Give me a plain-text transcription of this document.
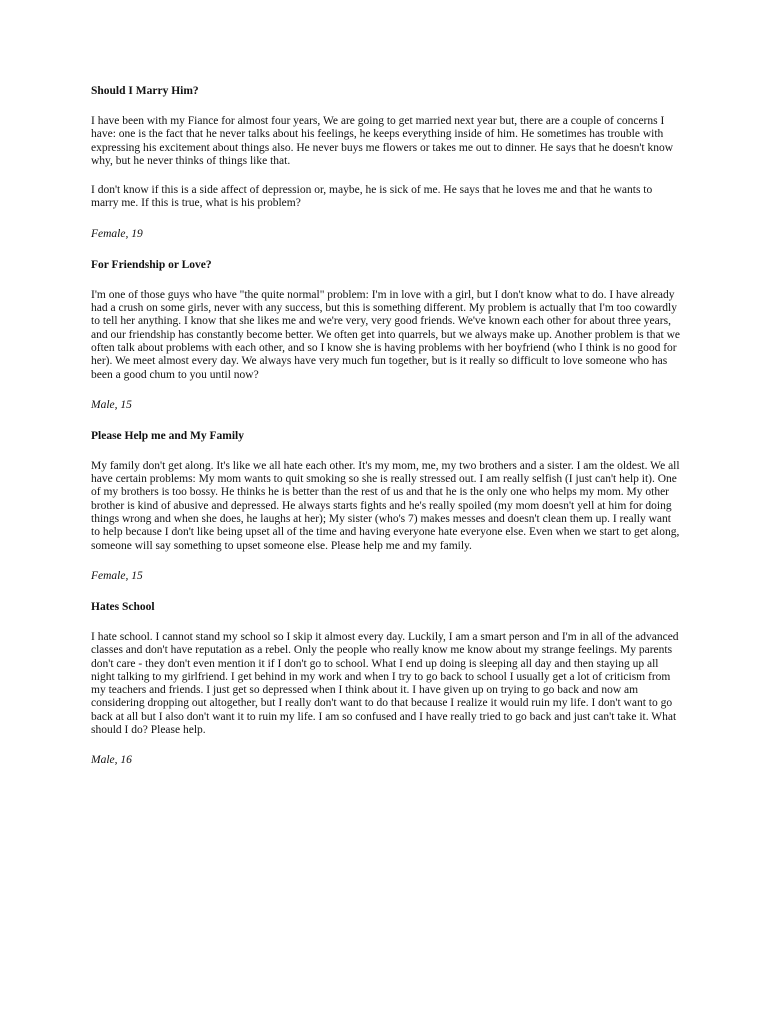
Should I Marry Him?

I have been with my Fiance for almost four years, We are going to get married next year but, there are a couple of concerns I have: one is the fact that he never talks about his feelings, he keeps everything inside of him. He sometimes has trouble with expressing his excitement about things also. He never buys me flowers or takes me out to dinner. He says that he doesn't know why, but he never thinks of things like that.

I don't know if this is a side affect of depression or, maybe, he is sick of me. He says that he loves me and that he wants to marry me. If this is true, what is his problem?

Female, 19
For Friendship or Love?

I'm one of those guys who have "the quite normal" problem: I'm in love with a girl, but I don't know what to do. I have already had a crush on some girls, never with any success, but this is something different. My problem is actually that I'm too cowardly to tell her anything. I know that she likes me and we're very, very good friends. We've known each other for about three years, and our friendship has constantly become better. We often get into quarrels, but we always make up. Another problem is that we often talk about problems with each other, and so I know she is having problems with her boyfriend (who I think is no good for her). We meet almost every day. We always have very much fun together, but is it really so difficult to love someone who has been a good chum to you until now?

Male, 15
Please Help me and My Family

My family don't get along. It's like we all hate each other. It's my mom, me, my two brothers and a sister. I am the oldest. We all have certain problems: My mom wants to quit smoking so she is really stressed out. I am really selfish (I just can't help it). One of my brothers is too bossy. He thinks he is better than the rest of us and that he is the only one who helps my mom. My other brother is kind of abusive and depressed. He always starts fights and he's really spoiled (my mom doesn't yell at him for doing things wrong and when she does, he laughs at her); My sister (who's 7) makes messes and doesn't clean them up. I really want to help because I don't like being upset all of the time and having everyone hate everyone else. Even when we start to get along, someone will say something to upset someone else. Please help me and my family.

Female, 15
Hates School

I hate school. I cannot stand my school so I skip it almost every day. Luckily, I am a smart person and I'm in all of the advanced classes and don't have reputation as a rebel. Only the people who really know me know about my strange feelings. My parents don't care - they don't even mention it if I don't go to school. What I end up doing is sleeping all day and then staying up all night talking to my girlfriend. I get behind in my work and when I try to go back to school I usually get a lot of criticism from my teachers and friends. I just get so depressed when I think about it. I have given up on trying to go back and now am considering dropping out altogether, but I really don't want to do that because I realize it would ruin my life. I don't want to go back at all but I also don't want it to ruin my life. I am so confused and I have really tried to go back and just can't take it. What should I do? Please help.

Male, 16
